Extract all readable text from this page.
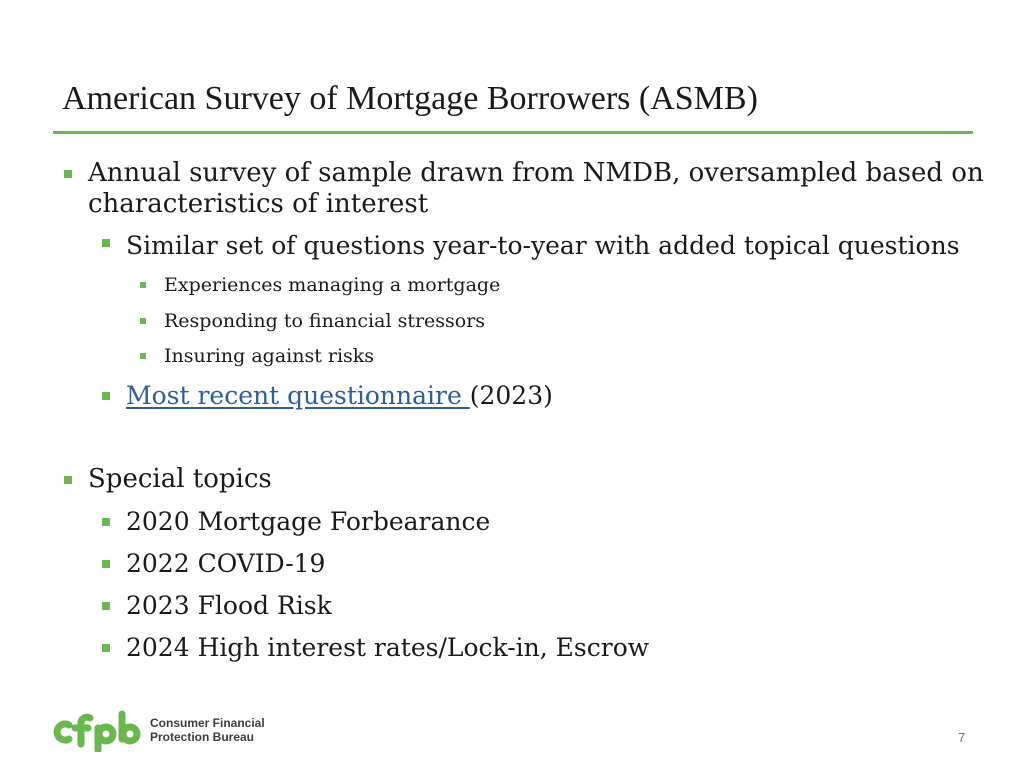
American Survey of Mortgage Borrowers (ASMB)
Annual survey of sample drawn from NMDB, oversampled based on
characteristics of interest
Similar set of questions year-to-year with added topical questions
Experiences managing a mortgage
Responding to financial stressors
Insuring against risks
Most recent questionnaire (2023)
Special topics
2020 Mortgage Forbearance
2022 COVID-19
2023 Flood Risk
2024 High interest rates/Lock-in, Escrow
Consumer Financial
Protection Bureau	7
